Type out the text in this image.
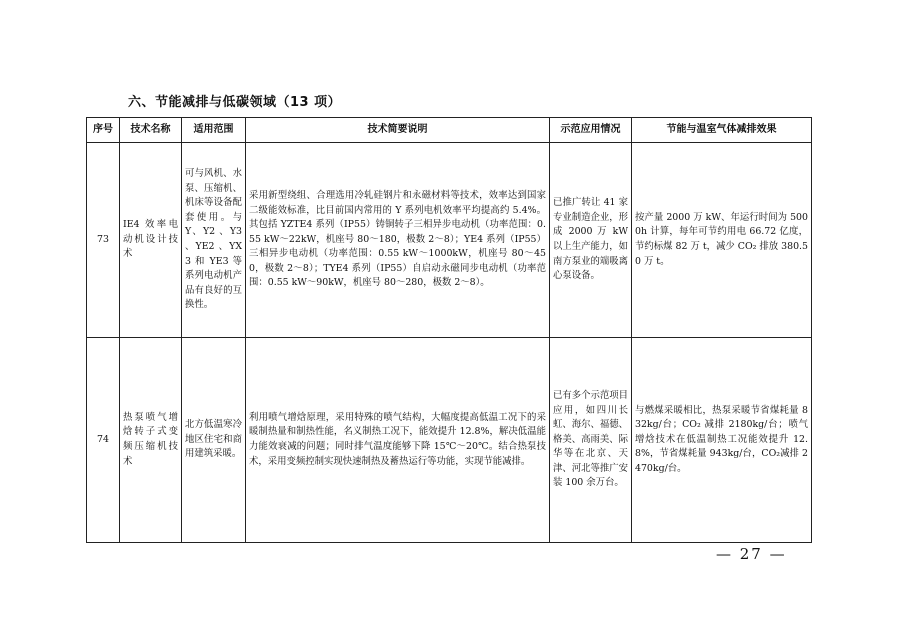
六、节能减排与低碳领域（13 项）
序号	技术名称	适用范围	技术简要说明	示范应用情况	节能与温室气体减排效果
73	IE4 效率电动机设计技术	可与风机、水泵、压缩机、机床等设备配套使用。与 Y、Y2 、Y3 、YE2 、YX3 和 YE3 等系列电动机产品有良好的互换性。	采用新型绕组、合理选用冷轧硅钢片和永磁材料等技术，效率达到国家二级能效标准，比目前国内常用的 Y 系列电机效率平均提高约 5.4%。其包括 YZTE4 系列（IP55）铸铜转子三相异步电动机（功率范围：0.55 kW～22kW，机座号 80～180，极数 2～8）；YE4 系列（IP55）三相异步电动机（功率范围：0.55 kW～1000kW，机座号 80～450，极数 2～8）；TYE4 系列（IP55）自启动永磁同步电动机（功率范围：0.55 kW～90kW，机座号 80～280，极数 2～8）。	已推广转让 41 家专业制造企业，形成 2000 万 kW 以上生产能力，如南方泵业的端吸离心泵设备。	按产量 2000 万 kW、年运行时间为 5000h 计算，每年可节约用电 66.72 亿度，节约标煤 82 万 t，减少 CO₂ 排放 380.50 万 t。
74	热泵喷气增焓转子式变频压缩机技术	北方低温寒冷地区住宅和商用建筑采暖。	利用喷气增焓原理，采用特殊的喷气结构，大幅度提高低温工况下的采暖制热量和制热性能，名义制热工况下，能效提升 12.8%，解决低温能力能效衰减的问题；同时排气温度能够下降 15℃～20℃。结合热泵技术，采用变频控制实现快速制热及蓄热运行等功能，实现节能减排。	已有多个示范项目应用，如四川长虹、海尔、福德、格美、高雨美、际华等在北京、天津、河北等推广安装 100 余万台。	与燃煤采暖相比，热泵采暖节省煤耗量 832kg/台；CO₂ 减排 2180kg/台；喷气增焓技术在低温制热工况能效提升 12.8%，节省煤耗量 943kg/台，CO₂减排 2470kg/台。
— 27 —
